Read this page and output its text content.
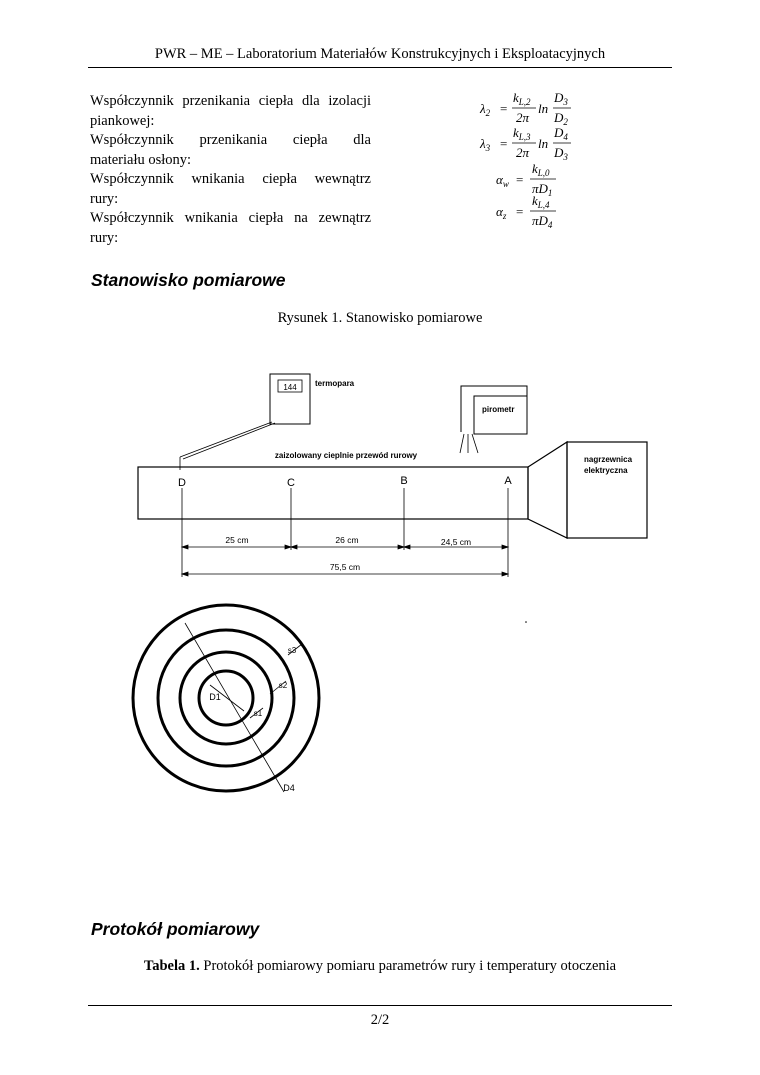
PWR – ME – Laboratorium Materiałów Konstrukcyjnych i Eksploatacyjnych

Współczynnik przenikania ciepła dla izolacji

piankowej:

Współczynnik przenikania ciepła dla

materiału osłony:

Współczynnik wnikania ciepła wewnątrz

rury:

Współczynnik wnikania ciepła na zewnątrz

rury:

$\lambda_2$ =
$k_{L,2}$
2π
ln
$D_3$
$D_2$
$\lambda_3$ =
$k_{L,3}$
2π
ln
$D_4$
$D_3$
$\alpha_w$ =
$k_{L,0}$
$\pi D_1$
$\alpha_z$ =
$k_{L,4}$
$\pi D_4$
Stanowisko pomiarowe
Rysunek 1. Stanowisko pomiarowe
144 termopara
pirometr
zaizolowany cieplnie przewód rurowy	nagrzewnica
elektryczna
D	C	B	A
25 cm	26 cm	24,5 cm
75,5 cm
D1
D4
s1
s2
s3
Protokół pomiarowy
Tabela 1. Protokół pomiarowy pomiaru parametrów rury i temperatury otoczenia
2/2
